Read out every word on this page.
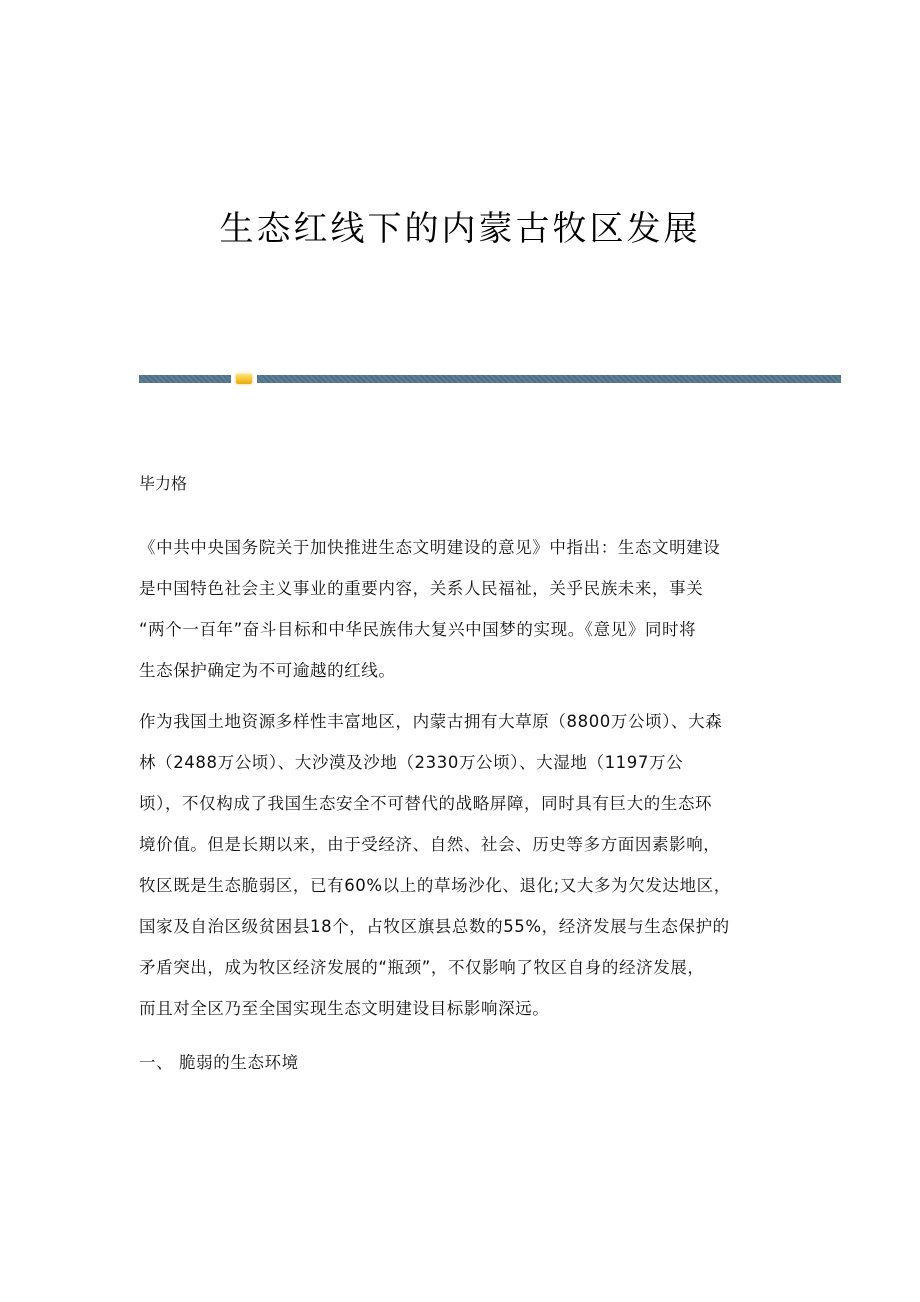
生态红线下的内蒙古牧区发展
毕力格
《中共中央国务院关于加快推进生态文明建设的意见》中指出：生态文明建设
是中国特色社会主义事业的重要内容，关系人民福祉，关乎民族未来，事关
“两个一百年”奋斗目标和中华民族伟大复兴中国梦的实现。《意见》同时将
生态保护确定为不可逾越的红线。
作为我国土地资源多样性丰富地区，内蒙古拥有大草原（8800万公顷）、大森
林（2488万公顷）、大沙漠及沙地（2330万公顷）、大湿地（1197万公
顷），不仅构成了我国生态安全不可替代的战略屏障，同时具有巨大的生态环
境价值。但是长期以来，由于受经济、自然、社会、历史等多方面因素影响，
牧区既是生态脆弱区，已有60%以上的草场沙化、退化;又大多为欠发达地区，
国家及自治区级贫困县18个，占牧区旗县总数的55%，经济发展与生态保护的
矛盾突出，成为牧区经济发展的“瓶颈”，不仅影响了牧区自身的经济发展，
而且对全区乃至全国实现生态文明建设目标影响深远。
一、 脆弱的生态环境
